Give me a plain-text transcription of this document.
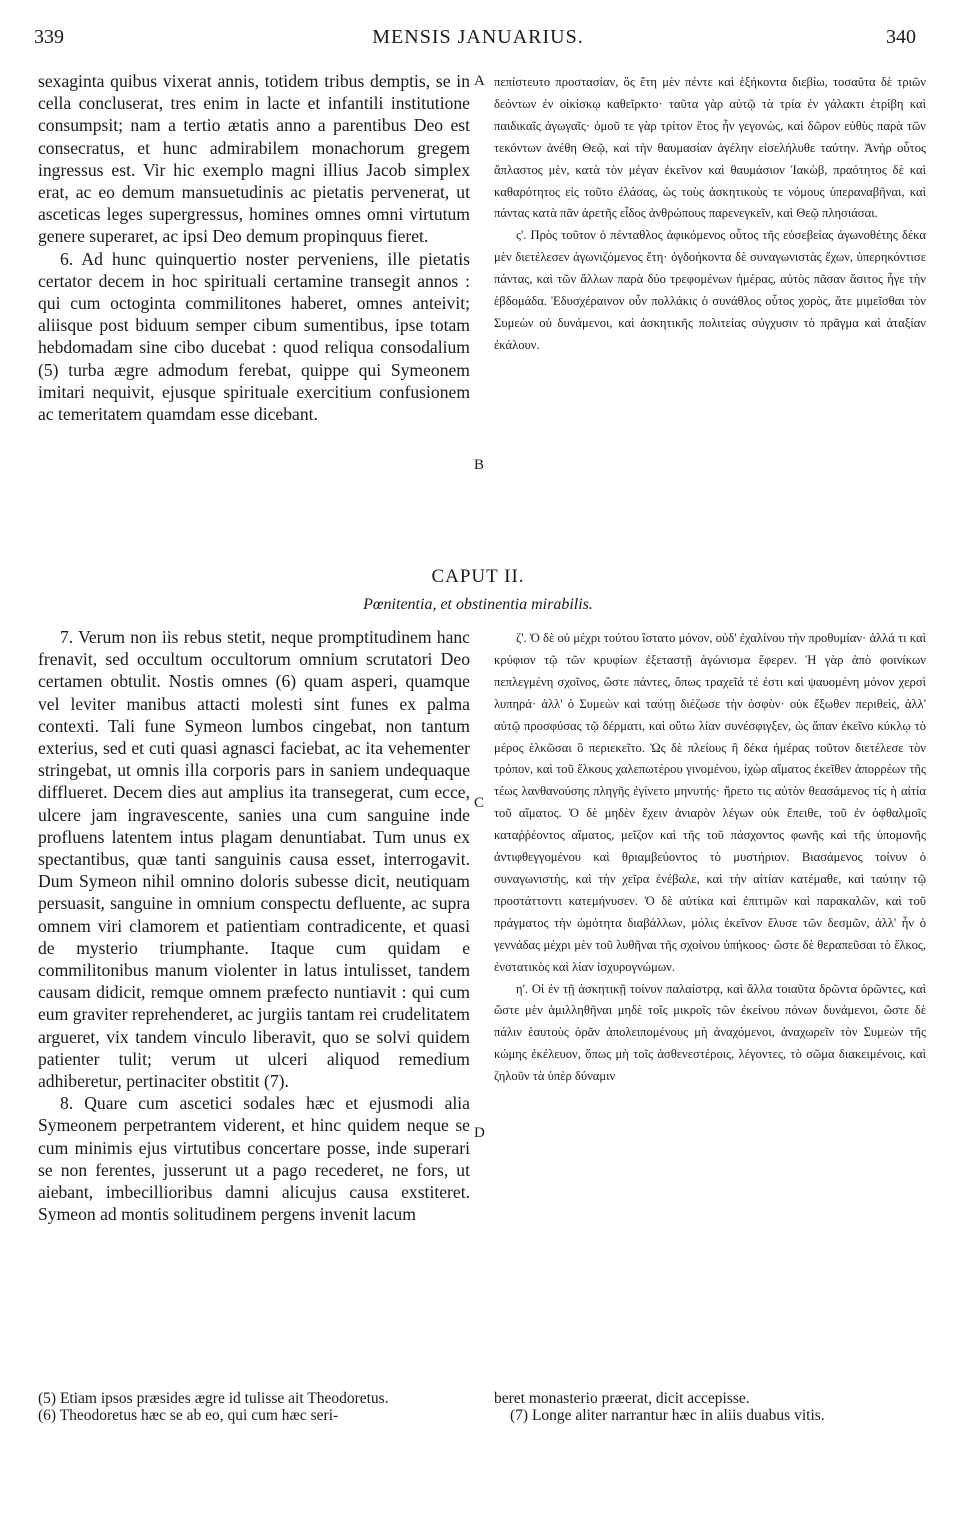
339	MENSIS JANUARIUS.	340

sexaginta quibus vixerat annis, totidem tribus demptis, se in cella concluserat, tres enim in lacte et infantili institutione consumpsit; nam a tertio ætatis anno a parentibus Deo est consecratus, et hunc admirabilem monachorum gregem ingressus est. Vir hic exemplo magni illius Jacob simplex erat, ac eo demum mansuetudinis ac pietatis pervenerat, ut asceticas leges supergressus, homines omnes omni virtutum genere superaret, ac ipsi Deo demum propinquus fieret.

6. Ad hunc quinquertio noster perveniens, ille pietatis certator decem in hoc spirituali certamine transegit annos : qui cum octoginta commilitones haberet, omnes anteivit; aliisque post biduum semper cibum sumentibus, ipse totam hebdomadam sine cibo ducebat : quod reliqua consodalium (5) turba ægre admodum ferebat, quippe qui Symeonem imitari nequivit, ejusque spirituale exercitium confusionem ac temeritatem quamdam esse dicebant.

πεπίστευτο προστασίαν, ὅς ἔτη μὲν πέντε καὶ ἑξήκοντα διεβίω, τοσαῦτα δὲ τριῶν δεόντων ἐν οἰκίσκῳ καθεῖρκτο· ταῦτα γὰρ αὐτῷ τὰ τρία ἐν γάλακτι ἐτρίβη καὶ παιδικαῖς ἀγωγαῖς· ὁμοῦ τε γὰρ τρίτον ἔτος ἦν γεγονὼς, καὶ δῶρον εὐθὺς παρὰ τῶν τεκόντων ἀνέθη Θεῷ, καὶ τὴν θαυμασίαν ἀγέλην εἰσελήλυθε ταύτην. Ἀνὴρ οὗτος ἄπλαστος μὲν, κατὰ τὸν μέγαν ἐκεῖνον καὶ θαυμάσιον Ἰακὼβ, πραότητος δὲ καὶ καθαρότητος εἰς τοῦτο ἐλάσας, ὡς τοὺς ἀσκητικοὺς τε νόμους ὑπεραναβῆναι, καὶ πάντας κατὰ πᾶν ἀρετῆς εἶδος ἀνθρώπους παρενεγκεῖν, καὶ Θεῷ πλησιάσαι.

ς'. Πρὸς τοῦτον ὁ πένταθλος ἀφικόμενος οὗτος τῆς εὐσεβείας ἀγωνοθέτης δέκα μὲν διετέλεσεν ἀγωνιζόμενος ἔτη· ὀγδοήκοντα δὲ συναγωνιστὰς ἔχων, ὑπερηκόντισε πάντας, καὶ τῶν ἄλλων παρὰ δύο τρεφομένων ἡμέρας, αὐτὸς πᾶσαν ἄσιτος ἦγε τὴν ἑβδομάδα. Ἐδυσχέραινον οὖν πολλάκις ὁ συνάθλος οὗτος χορὸς, ἅτε μιμεῖσθαι τὸν Συμεὼν οὐ δυνάμενοι, καὶ ἀσκητικῆς πολιτείας σύγχυσιν τὸ πρᾶγμα καὶ ἀταξίαν ἐκάλουν.

A
B
CAPUT II.
Pœnitentia, et obstinentia mirabilis.

7. Verum non iis rebus stetit, neque promptitudinem hanc frenavit, sed occultum occultorum omnium scrutatori Deo certamen obtulit. Nostis omnes (6) quam asperi, quamque vel leviter manibus attacti molesti sint funes ex palma contexti. Tali fune Symeon lumbos cingebat, non tantum exterius, sed et cuti quasi agnasci faciebat, ac ita vehementer stringebat, ut omnis illa corporis pars in saniem undequaque difflueret. Decem dies aut amplius ita transegerat, cum ecce, ulcere jam ingravescente, sanies una cum sanguine inde profluens latentem intus plagam denuntiabat. Tum unus ex spectantibus, quæ tanti sanguinis causa esset, interrogavit. Dum Symeon nihil omnino doloris subesse dicit, neutiquam persuasit, sanguine in omnium conspectu defluente, ac supra omnem viri clamorem et patientiam contradicente, et quasi de mysterio triumphante. Itaque cum quidam e commilitonibus manum violenter in latus intulisset, tandem causam didicit, remque omnem præfecto nuntiavit : qui cum eum graviter reprehenderet, ac jurgiis tantam rei crudelitatem argueret, vix tandem vinculo liberavit, quo se solvi quidem patienter tulit; verum ut ulceri aliquod remedium adhiberetur, pertinaciter obstitit (7).

8. Quare cum ascetici sodales hæc et ejusmodi alia Symeonem perpetrantem viderent, et hinc quidem neque se cum minimis ejus virtutibus concertare posse, inde superari se non ferentes, jusserunt ut a pago recederet, ne fors, ut aiebant, imbecillioribus damni alicujus causa exstiteret. Symeon ad montis solitudinem pergens invenit lacum

ζ'. Ὁ δὲ οὐ μέχρι τούτου ἵστατο μόνον, οὐδ' ἐχαλίνου τὴν προθυμίαν· ἀλλά τι καὶ κρύφιον τῷ τῶν κρυφίων ἐξεταστῇ ἀγώνισμα ἔφερεν. Ἡ γὰρ ἀπὸ φοινίκων πεπλεγμένη σχοῖνος, ὥστε πάντες, ὅπως τραχεῖά τέ ἐστι καὶ ψαυομένη μόνον χερσὶ λυπηρά· ἀλλ' ὁ Συμεὼν καὶ ταύτῃ διέζωσε τὴν ὀσφὺν· οὐκ ἔξωθεν περιθεὶς, ἀλλ' αὐτῷ προσφύσας τῷ δέρματι, καὶ οὕτω λίαν συνέσφιγξεν, ὡς ἅπαν ἐκεῖνο κύκλῳ τὸ μέρος ἑλκῶσαι ὃ περιεκεῖτο. Ὡς δὲ πλείους ἢ δέκα ἡμέρας τοῦτον διετέλεσε τὸν τρόπον, καὶ τοῦ ἕλκους χαλεπωτέρου γινομένου, ἰχὼρ αἵματος ἐκεῖθεν ἀπορρέων τῆς τέως λανθανούσης πληγῆς ἐγίνετο μηνυτής· ἤρετο τις αὐτὸν θεασάμενος τίς ἡ αἰτία τοῦ αἵματος. Ὁ δὲ μηδὲν ἔχειν ἀνιαρὸν λέγων οὐκ ἔπειθε, τοῦ ἐν ὀφθαλμοῖς καταῤῥέοντος αἵματος, μεῖζον καὶ τῆς τοῦ πάσχοντος φωνῆς καὶ τῆς ὑπομονῆς ἀντιφθεγγομένου καὶ θριαμβεύοντος τὸ μυστήριον. Βιασάμενος τοίνυν ὁ συναγωνιστὴς, καὶ τὴν χεῖρα ἐνέβαλε, καὶ τὴν αἰτίαν κατέμαθε, καὶ ταύτην τῷ προστάττοντι κατεμήνυσεν. Ὁ δὲ αὐτίκα καὶ ἐπιτιμῶν καὶ παρακαλῶν, καὶ τοῦ πράγματος τὴν ὠμότητα διαβάλλων, μόλις ἐκεῖνον ἔλυσε τῶν δεσμῶν, ἀλλ' ἦν ὁ γεννάδας μέχρι μὲν τοῦ λυθῆναι τῆς σχοίνου ὑπήκοος· ὥστε δὲ θεραπεῦσαι τὸ ἕλκος, ἐνστατικὸς καὶ λίαν ἰσχυρογνώμων.

η'. Οἱ ἐν τῇ ἀσκητικῇ τοίνυν παλαίστρᾳ, καὶ ἄλλα τοιαῦτα δρῶντα ὁρῶντες, καὶ ὥστε μὲν ἁμιλληθῆναι μηδὲ τοῖς μικροῖς τῶν ἐκείνου πόνων δυνάμενοι, ὥστε δὲ πάλιν ἑαυτοὺς ὁρᾶν ἀπολειπομένους μὴ ἀναχόμενοι, ἀναχωρεῖν τὸν Συμεὼν τῆς κώμης ἐκέλευον, ὅπως μὴ τοῖς ἀσθενεστέροις, λέγοντες, τὸ σῶμα διακειμένοις, καὶ ζηλοῦν τὰ ὑπὲρ δύναμιν

C
D

(5) Etiam ipsos præsides ægre id tulisse ait Theodoretus.

(6) Theodoretus hæc se ab eo, qui cum hæc seri-

beret monasterio præerat, dicit accepisse.

(7) Longe aliter narrantur hæc in aliis duabus vitis.
